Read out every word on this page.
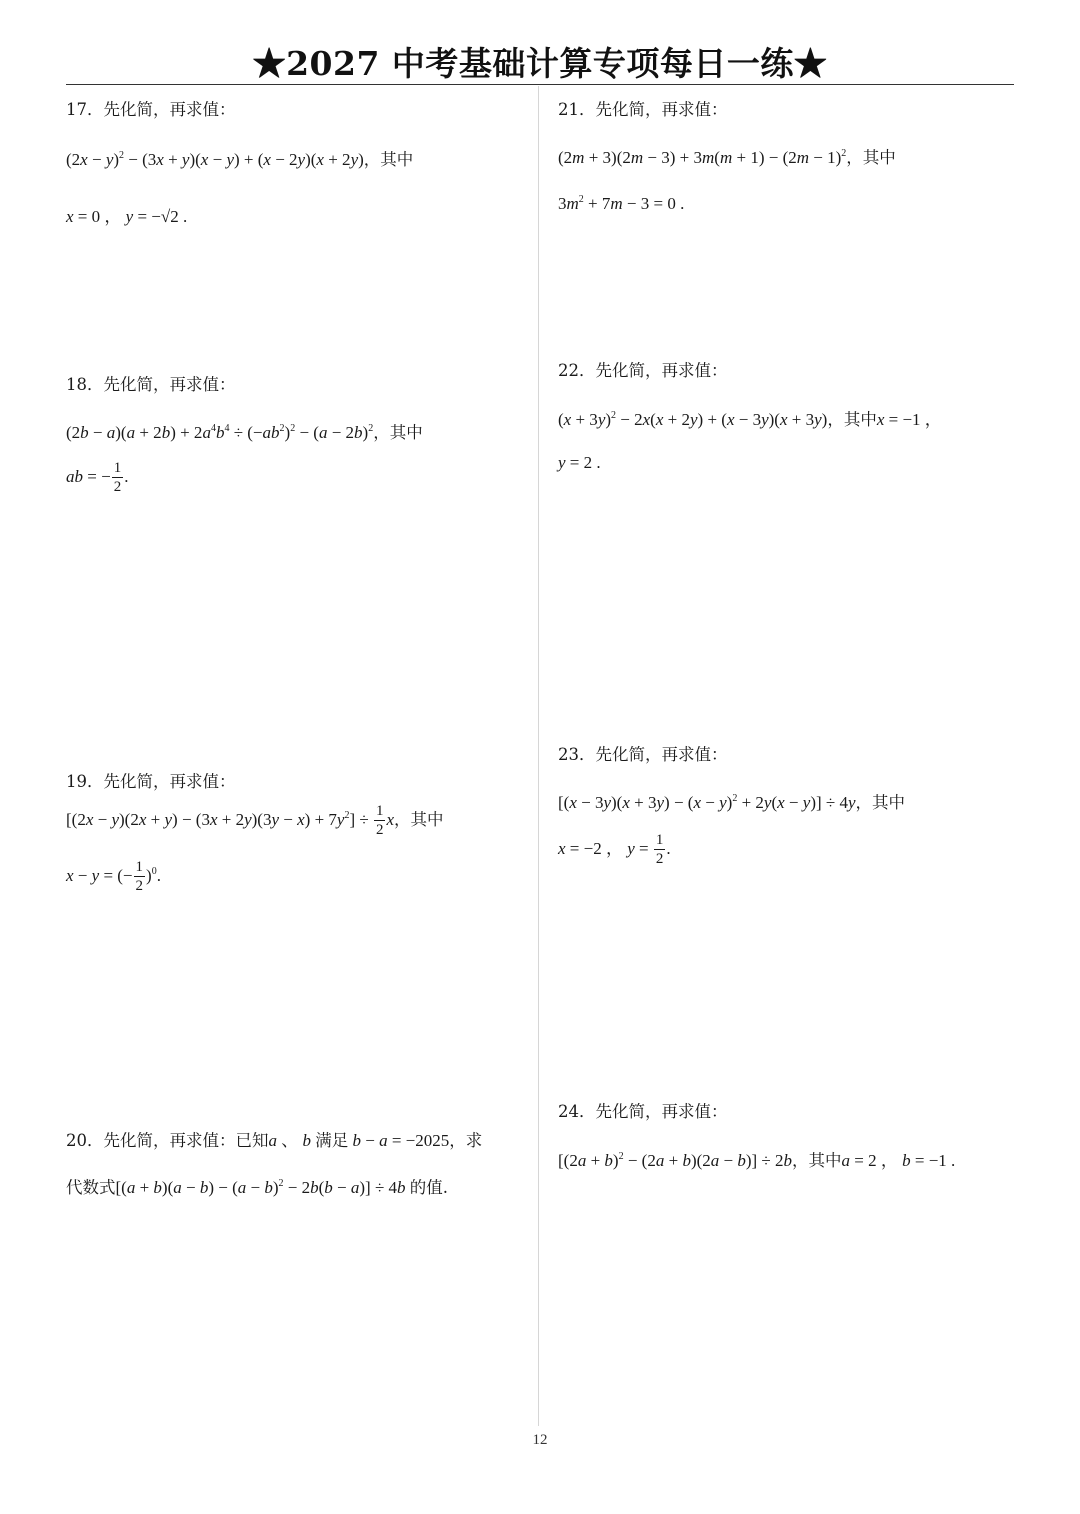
★2027 中考基础计算专项每日一练★
17．先化简，再求值：
$(2x - y)^2 - (3x + y)(x - y) + (x - 2y)(x + 2y)$，其中
x = 0 ， y = −√2 .
18．先化简，再求值：
$(2b - a)(a + 2b) + 2a^4b^4 \div (-ab^2)^2 - (a - 2b)^2$，其中
ab = − $\frac{1}{2}$ .
19．先化简，再求值：
$[(2x - y)(2x + y) - (3x + 2y)(3y - x) + 7y^2] \div \frac{1}{2}$ x，其中
x − y = (− $\frac{1}{2} )^0$.
20．先化简，再求值：已知a 、 b 满足 b − a = −2025，求
代数式$[(a + b)(a - b) - (a - b)^2 - 2b(b - a)] \div 4b$ 的值.
21．先化简，再求值：
$(2m + 3)(2m - 3) + 3m(m + 1) - (2m - 1)^2$，其中
$3m^2 + 7m - 3 = 0$ .
22．先化简，再求值：
$(x + 3y)^2 - 2x(x + 2y) + (x - 3y)(x + 3y)$，其中x = −1 ，
y = 2 .
23．先化简，再求值：
$[(x - 3y)(x + 3y) - (x - y)^2 + 2y(x - y)] \div 4y$，其中
x = −2 ， $y = \frac{1}{2}$ .
24．先化简，再求值：
$[(2a + b)^2 - (2a + b)(2a - b)] \div 2b$，其中a = 2 ， b = −1 .
12
